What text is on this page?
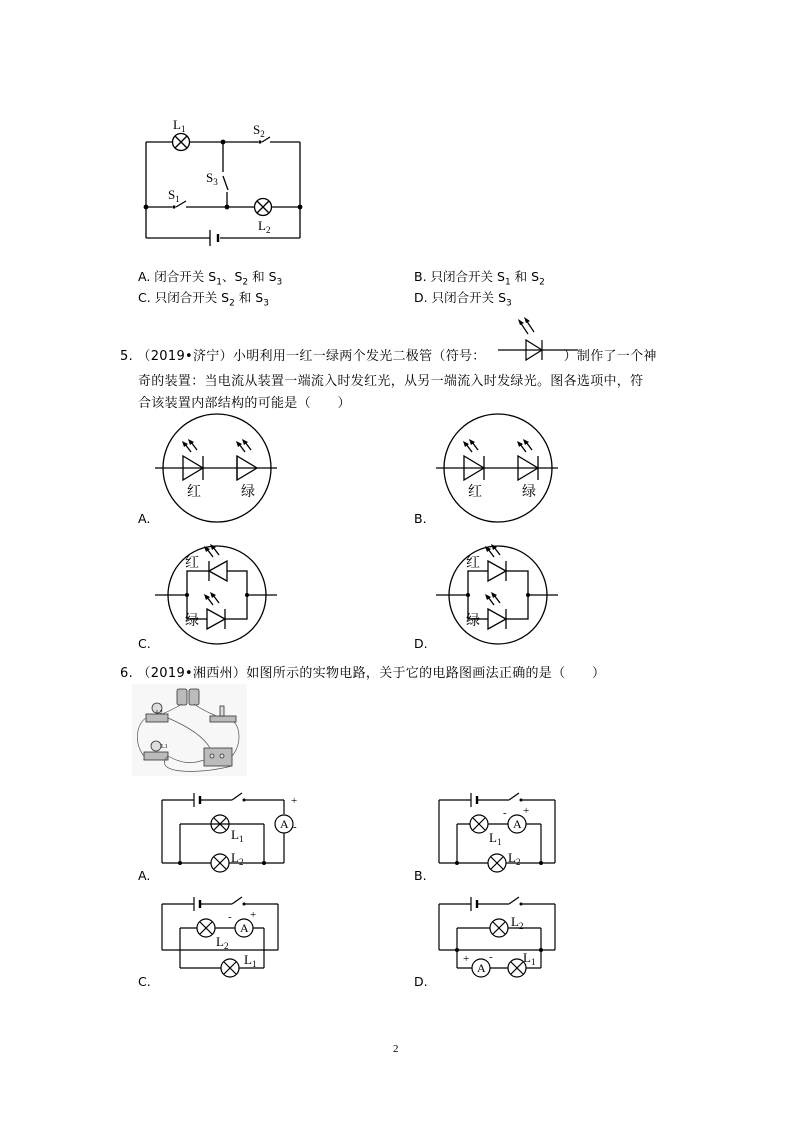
$L_1$	$S_2$
$S_3$
$S_1$
$L_2$
A. 闭合开关 $S_1$、$S_2$ 和 $S_3$	B. 只闭合开关 $S_1$ 和 $S_2$
C. 只闭合开关 $S_2$ 和 $S_3$	D. 只闭合开关 $S_3$
5. （2019•济宁）小明利用一红一绿两个发光二极管（符号：	）制作了一个神
奇的装置：当电流从装置一端流入时发红光，从另一端流入时发绿光。图各选项中，符
合该装置内部结构的可能是（　　）
红	绿
A.
红	绿
B.
红
绿
C.
红
绿
D.
6. （2019•湘西州）如图所示的实物电路，关于它的电路图画法正确的是（　　）
L2
L1
A
+
-
$L_1$
$L_2$
A.
A
- +
$L_1$
$L_2$
B.
A
- +
$L_2$
$L_1$
C.
A
+ -
$L_2$
$L_1$
D.
2
